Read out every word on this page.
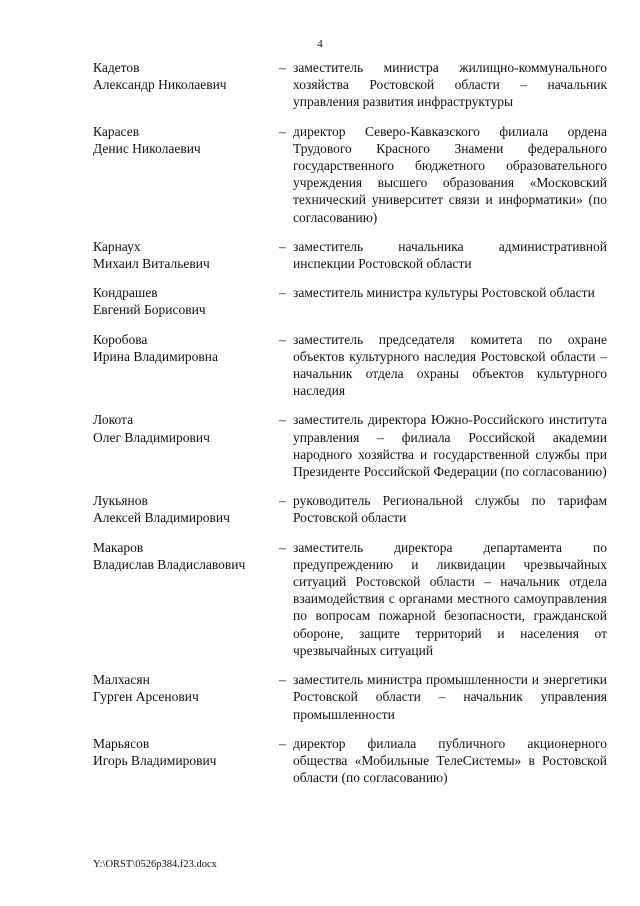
4
Кадетов
Александр Николаевич
– заместитель министра жилищно-коммунального хозяйства Ростовской области – начальник управления развития инфраструктуры
Карасев
Денис Николаевич
– директор Северо-Кавказского филиала ордена Трудового Красного Знамени федерального государственного бюджетного образовательного учреждения высшего образования «Московский технический университет связи и информатики» (по согласованию)
Карнаух
Михаил Витальевич
– заместитель начальника административной инспекции Ростовской области
Кондрашев
Евгений Борисович
– заместитель министра культуры Ростовской области
Коробова
Ирина Владимировна
– заместитель председателя комитета по охране объектов культурного наследия Ростовской области – начальник отдела охраны объектов культурного наследия
Локота
Олег Владимирович
– заместитель директора Южно-Российского института управления – филиала Российской академии народного хозяйства и государственной службы при Президенте Российской Федерации (по согласованию)
Лукьянов
Алексей Владимирович
– руководитель Региональной службы по тарифам Ростовской области
Макаров
Владислав Владиславович
– заместитель директора департамента по предупреждению и ликвидации чрезвычайных ситуаций Ростовской области – начальник отдела взаимодействия с органами местного самоуправления по вопросам пожарной безопасности, гражданской обороне, защите территорий и населения от чрезвычайных ситуаций
Малхасян
Гурген Арсенович
– заместитель министра промышленности и энергетики Ростовской области – начальник управления промышленности
Марьясов
Игорь Владимирович
– директор филиала публичного акционерного общества «Мобильные ТелеСистемы» в Ростовской области (по согласованию)
Y:\ORST\0526p384.f23.docx
